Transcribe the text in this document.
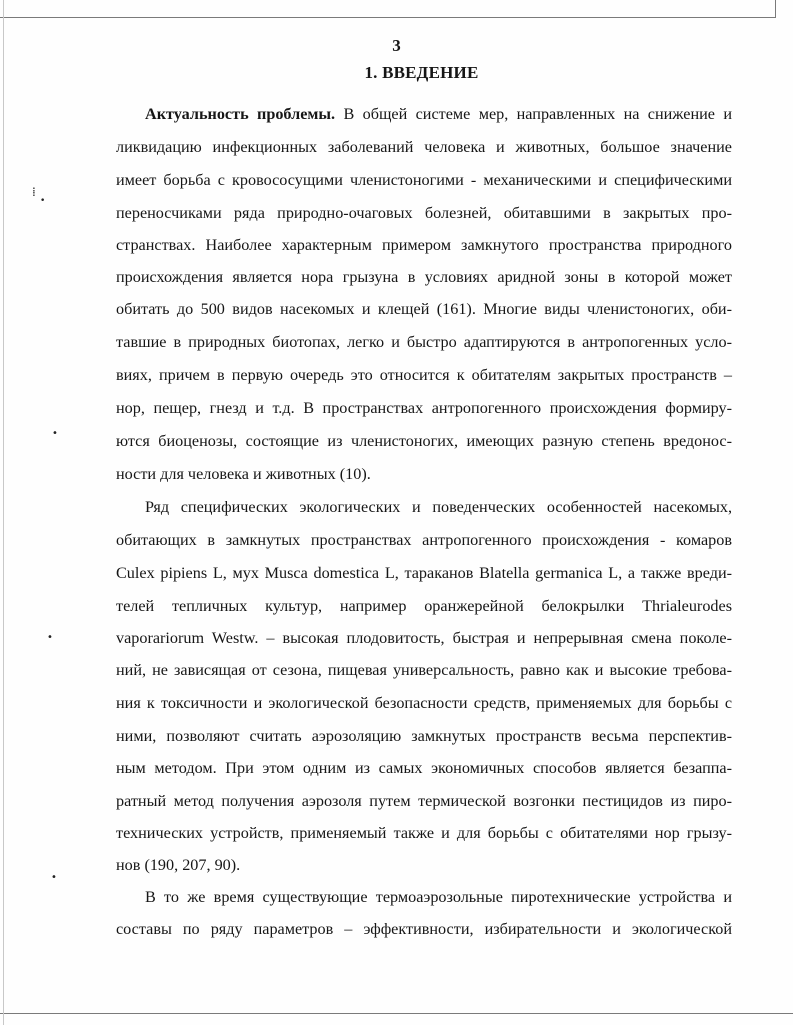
3
1. ВВЕДЕНИЕ
Актуальность проблемы. В общей системе мер, направленных на снижение и
ликвидацию инфекционных заболеваний человека и животных, большое значение
имеет борьба с кровососущими членистоногими - механическими и специфическими
переносчиками ряда природно-очаговых болезней, обитавшими в закрытых про-
странствах. Наиболее характерным примером замкнутого пространства природного
происхождения является нора грызуна в условиях аридной зоны в которой может
обитать до 500 видов насекомых и клещей (161). Многие виды членистоногих, оби-
тавшие в природных биотопах, легко и быстро адаптируются в антропогенных усло-
виях, причем в первую очередь это относится к обитателям закрытых пространств –
нор, пещер, гнезд и т.д. В пространствах антропогенного происхождения формиру-
ются биоценозы, состоящие из членистоногих, имеющих разную степень вредонос-
ности для человека и животных (10).
Ряд специфических экологических и поведенческих особенностей насекомых,
обитающих в замкнутых пространствах антропогенного происхождения - комаров
Culex pipiens L, мух Musca domestica L, тараканов Blatella germanica L, а также вреди-
телей тепличных культур, например оранжерейной белокрылки Thrialeurodes
vaporariorum Westw. – высокая плодовитость, быстрая и непрерывная смена поколе-
ний, не зависящая от сезона, пищевая универсальность, равно как и высокие требова-
ния к токсичности и экологической безопасности средств, применяемых для борьбы с
ними, позволяют считать аэрозоляцию замкнутых пространств весьма перспектив-
ным методом. При этом одним из самых экономичных способов является безаппа-
ратный метод получения аэрозоля путем термической возгонки пестицидов из пиро-
технических устройств, применяемый также и для борьбы с обитателями нор грызу-
нов (190, 207, 90).
В то же время существующие термоаэрозольные пиротехнические устройства и
составы по ряду параметров – эффективности, избирательности и экологической
⁞
•
•
•
•
